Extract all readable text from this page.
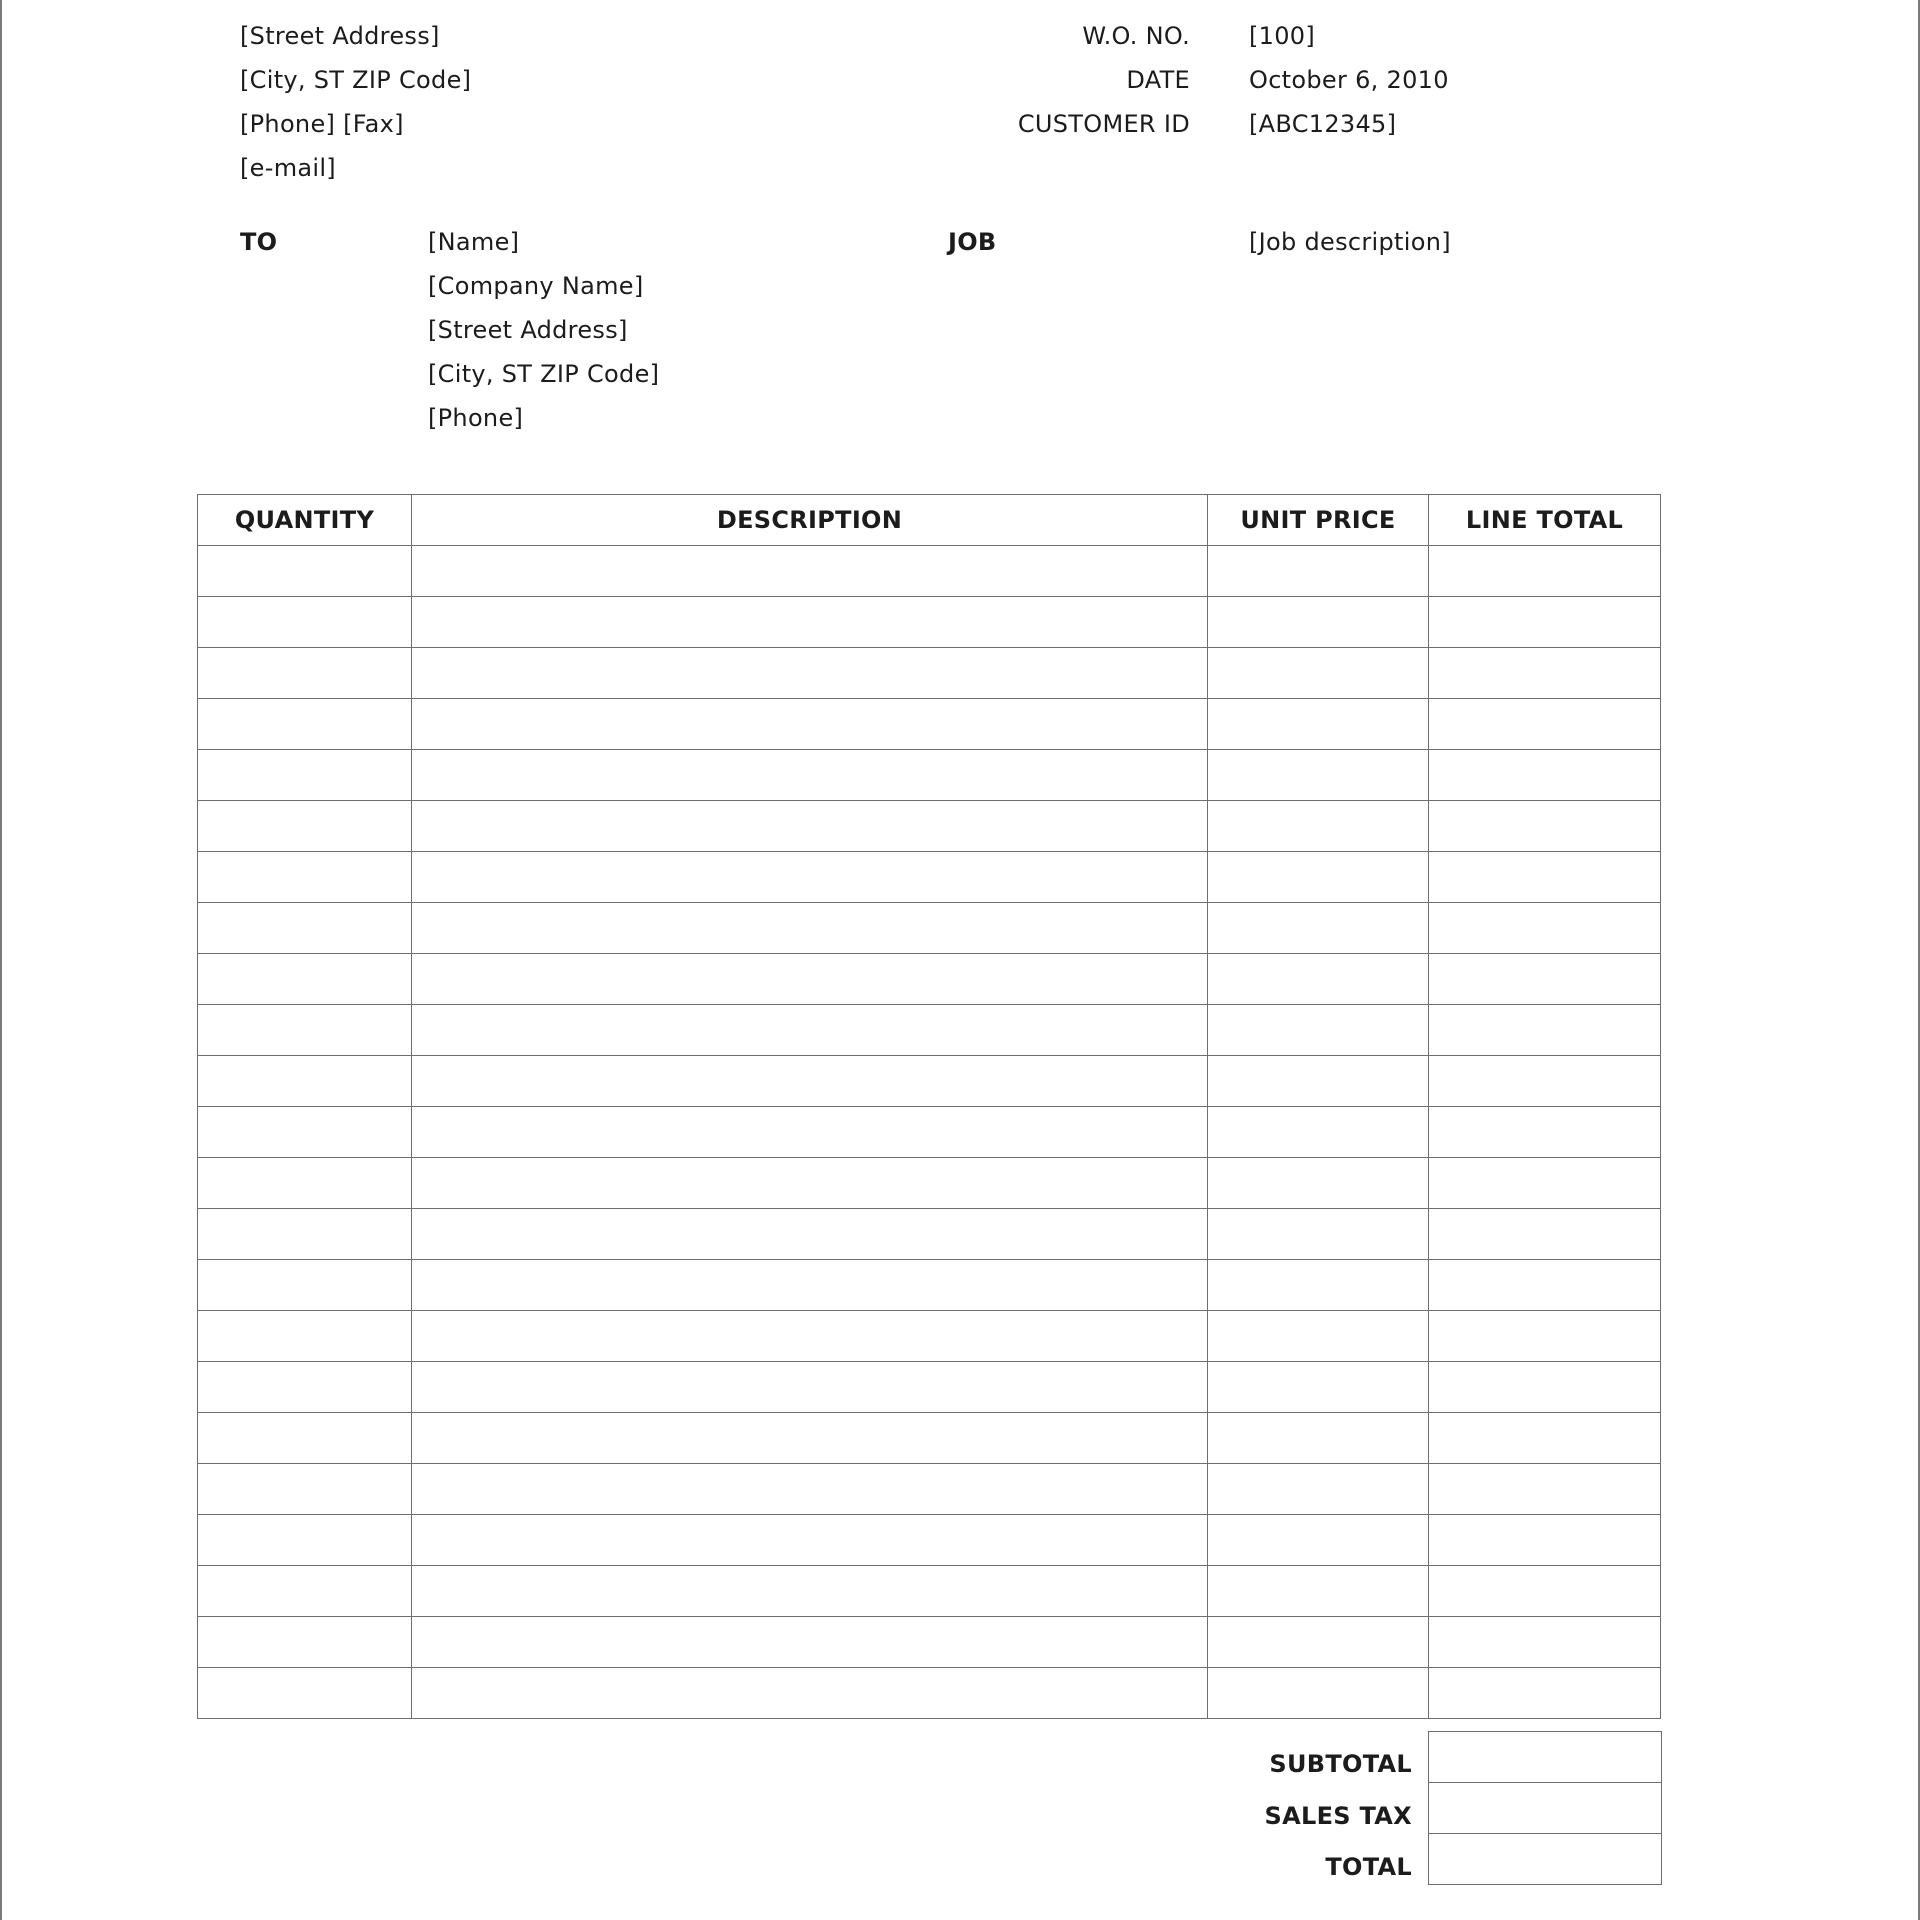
[Street Address]
[City, ST ZIP Code]
[Phone] [Fax]
[e-mail]
W.O. NO. [100]
DATE October 6, 2010
CUSTOMER ID [ABC12345]
TO	[Name]
[Company Name]
[Street Address]
[City, ST ZIP Code]
[Phone]
JOB	[Job description]
QUANTITY	DESCRIPTION	UNIT PRICE	LINE TOTAL

SUBTOTAL
SALES TAX
TOTAL
